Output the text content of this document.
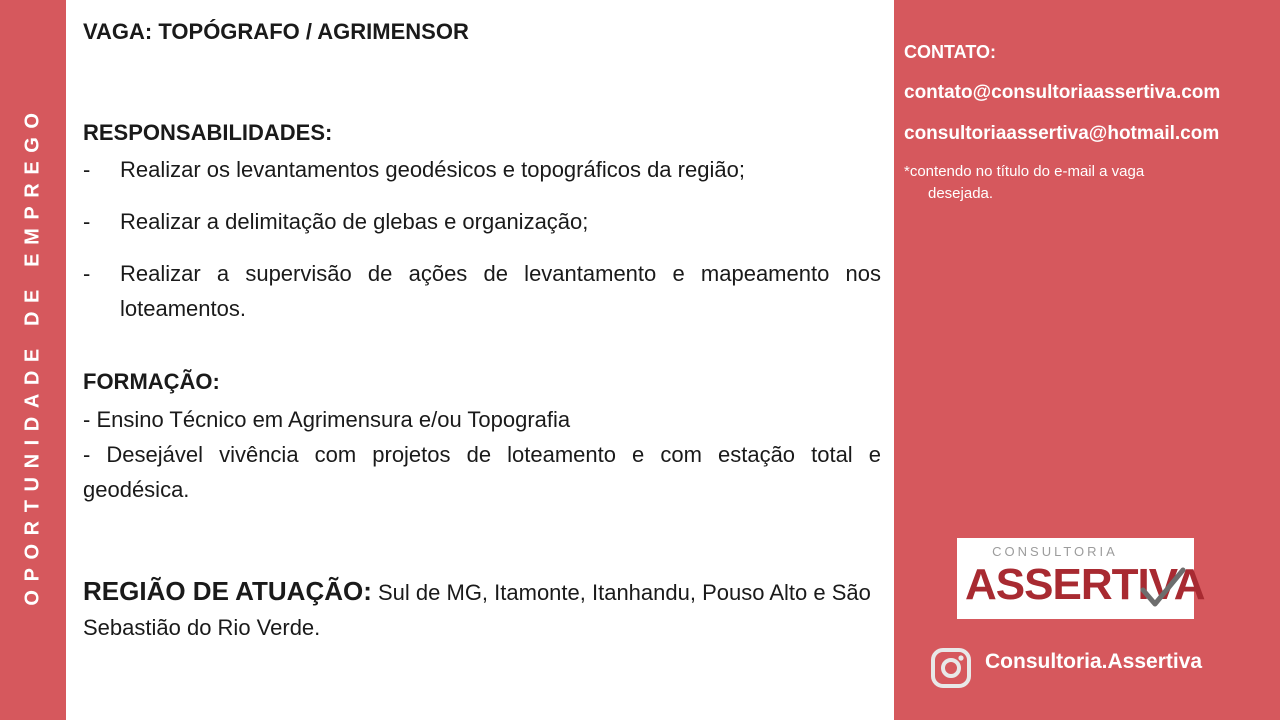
OPORTUNIDADE DE EMPREGO
VAGA: TOPÓGRAFO / AGRIMENSOR
RESPONSABILIDADES:
- Realizar os levantamentos geodésicos e topográficos da região;
- Realizar a delimitação de glebas e organização;
- Realizar a supervisão de ações de levantamento e mapeamento nos loteamentos.
FORMAÇÃO:
- Ensino Técnico em Agrimensura e/ou Topografia
- Desejável vivência com projetos de loteamento e com estação total e geodésica.
REGIÃO DE ATUAÇÃO: Sul de MG, Itamonte, Itanhandu, Pouso Alto e São Sebastião do Rio Verde.
CONTATO:
contato@consultoriaassertiva.com
consultoriaassertiva@hotmail.com
*contendo no título do e-mail a vaga
desejada.
CONSULTORIA
ASSERTIVA
Consultoria.Assertiva
